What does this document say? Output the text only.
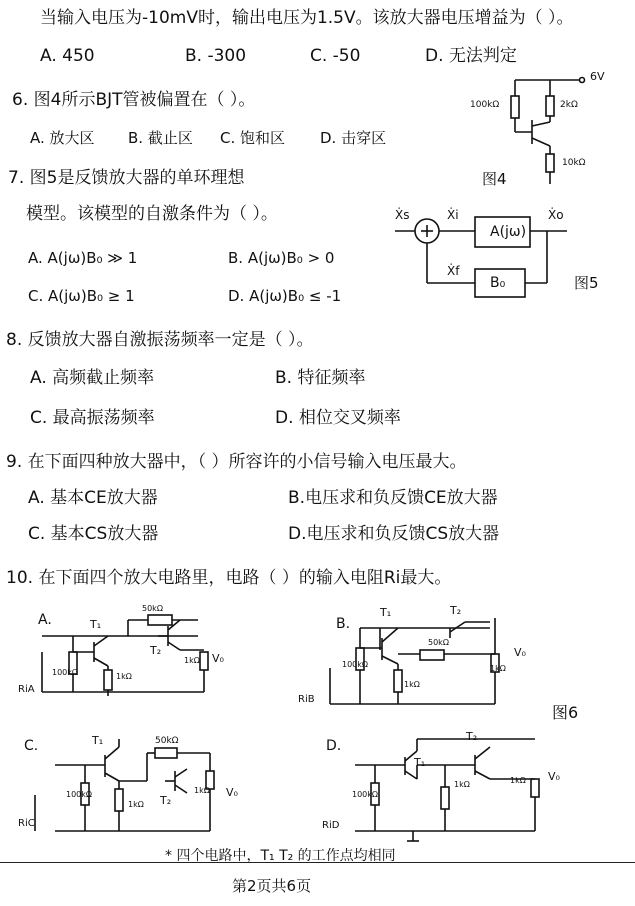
当输入电压为-10mV时，输出电压为1.5V。该放大器电压增益为（ ）。
A. 450	B. -300	C. -50	D. 无法判定
6. 图4所示BJT管被偏置在（ ）。
A. 放大区 B. 截止区 C. 饱和区 D. 击穿区
100kΩ	2kΩ
10kΩ
6V
图4
7. 图5是反馈放大器的单环理想
模型。该模型的自激条件为（ ）。
A. A(jω)B₀ ≫ 1	B. A(jω)B₀ > 0
C. A(jω)B₀ ≥ 1	D. A(jω)B₀ ≤ -1
Ẋs	Ẋi	Ẋo
Ẋf
A(jω)
B₀	图5
8. 反馈放大器自激振荡频率一定是（ ）。
A. 高频截止频率	B. 特征频率
C. 最高振荡频率	D. 相位交叉频率
9. 在下面四种放大器中，（ ）所容许的小信号输入电压最大。
A. 基本CE放大器	B.电压求和负反馈CE放大器
C. 基本CS放大器	D.电压求和负反馈CS放大器
10. 在下面四个放大电路里，电路（ ）的输入电阻Ri最大。
A.	T₁
T₂
50kΩ
100kΩ	1kΩ
1kΩ V₀
RiA
B.
T₁	T₂
50kΩ
100kΩ
1kΩ
1kΩ
V₀
RiB
图6
C.	T₁
T₂
50kΩ
100kΩ
1kΩ
1kΩ V₀
RiC
D.
T₁
T₂
100kΩ
1kΩ	1kΩ V₀
RiD
* 四个电路中，T₁ T₂ 的工作点均相同
第2页共6页
